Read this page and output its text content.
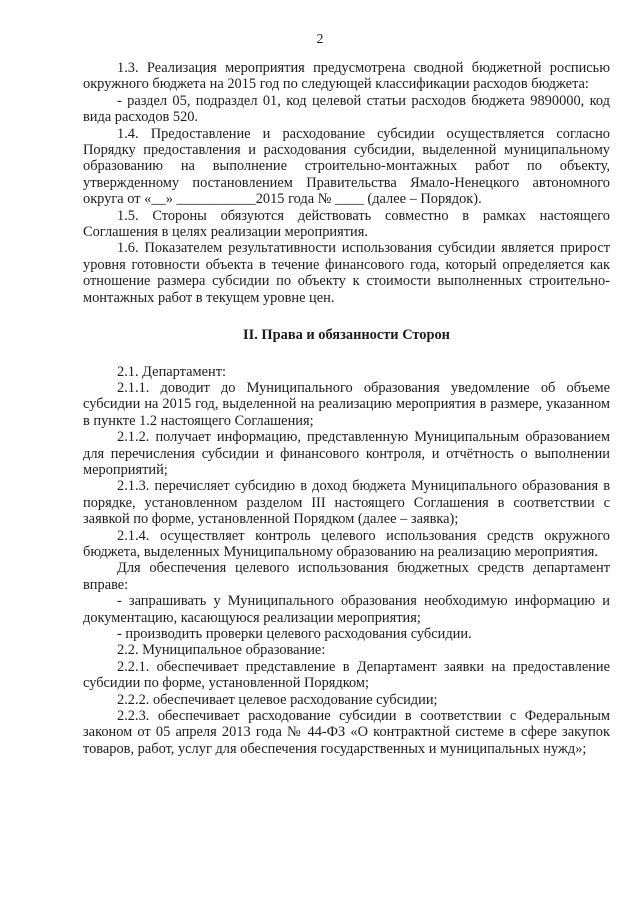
2

1.3. Реализация мероприятия предусмотрена сводной бюджетной росписью окружного бюджета на 2015 год по следующей классификации расходов бюджета:

- раздел 05, подраздел 01, код целевой статьи расходов бюджета 9890000, код вида расходов 520.

1.4. Предоставление и расходование субсидии осуществляется согласно Порядку предоставления и расходования субсидии, выделенной муниципальному образованию на выполнение строительно-монтажных работ по объекту, утвержденному постановлением Правительства Ямало-Ненецкого автономного округа от «__» ___________2015 года № ____ (далее – Порядок).

1.5. Стороны обязуются действовать совместно в рамках настоящего Соглашения в целях реализации мероприятия.

1.6. Показателем результативности использования субсидии является прирост уровня готовности объекта в течение финансового года, который определяется как отношение размера субсидии по объекту к стоимости выполненных строительно-монтажных работ в текущем уровне цен.

II. Права и обязанности Сторон

2.1. Департамент:

2.1.1. доводит до Муниципального образования уведомление об объеме субсидии на 2015 год, выделенной на реализацию мероприятия в размере, указанном в пункте 1.2 настоящего Соглашения;

2.1.2. получает информацию, представленную Муниципальным образованием для перечисления субсидии и финансового контроля, и отчётность о выполнении мероприятий;

2.1.3. перечисляет субсидию в доход бюджета Муниципального образования в порядке, установленном разделом III настоящего Соглашения в соответствии с заявкой по форме, установленной Порядком (далее – заявка);

2.1.4. осуществляет контроль целевого использования средств окружного бюджета, выделенных Муниципальному образованию на реализацию мероприятия.

Для обеспечения целевого использования бюджетных средств департамент вправе:

- запрашивать у Муниципального образования необходимую информацию и документацию, касающуюся реализации мероприятия;

- производить проверки целевого расходования субсидии.

2.2. Муниципальное образование:

2.2.1. обеспечивает представление в Департамент заявки на предоставление субсидии по форме, установленной Порядком;

2.2.2. обеспечивает целевое расходование субсидии;

2.2.3. обеспечивает расходование субсидии в соответствии с Федеральным законом от 05 апреля 2013 года № 44-ФЗ «О контрактной системе в сфере закупок товаров, работ, услуг для обеспечения государственных и муниципальных нужд»;
